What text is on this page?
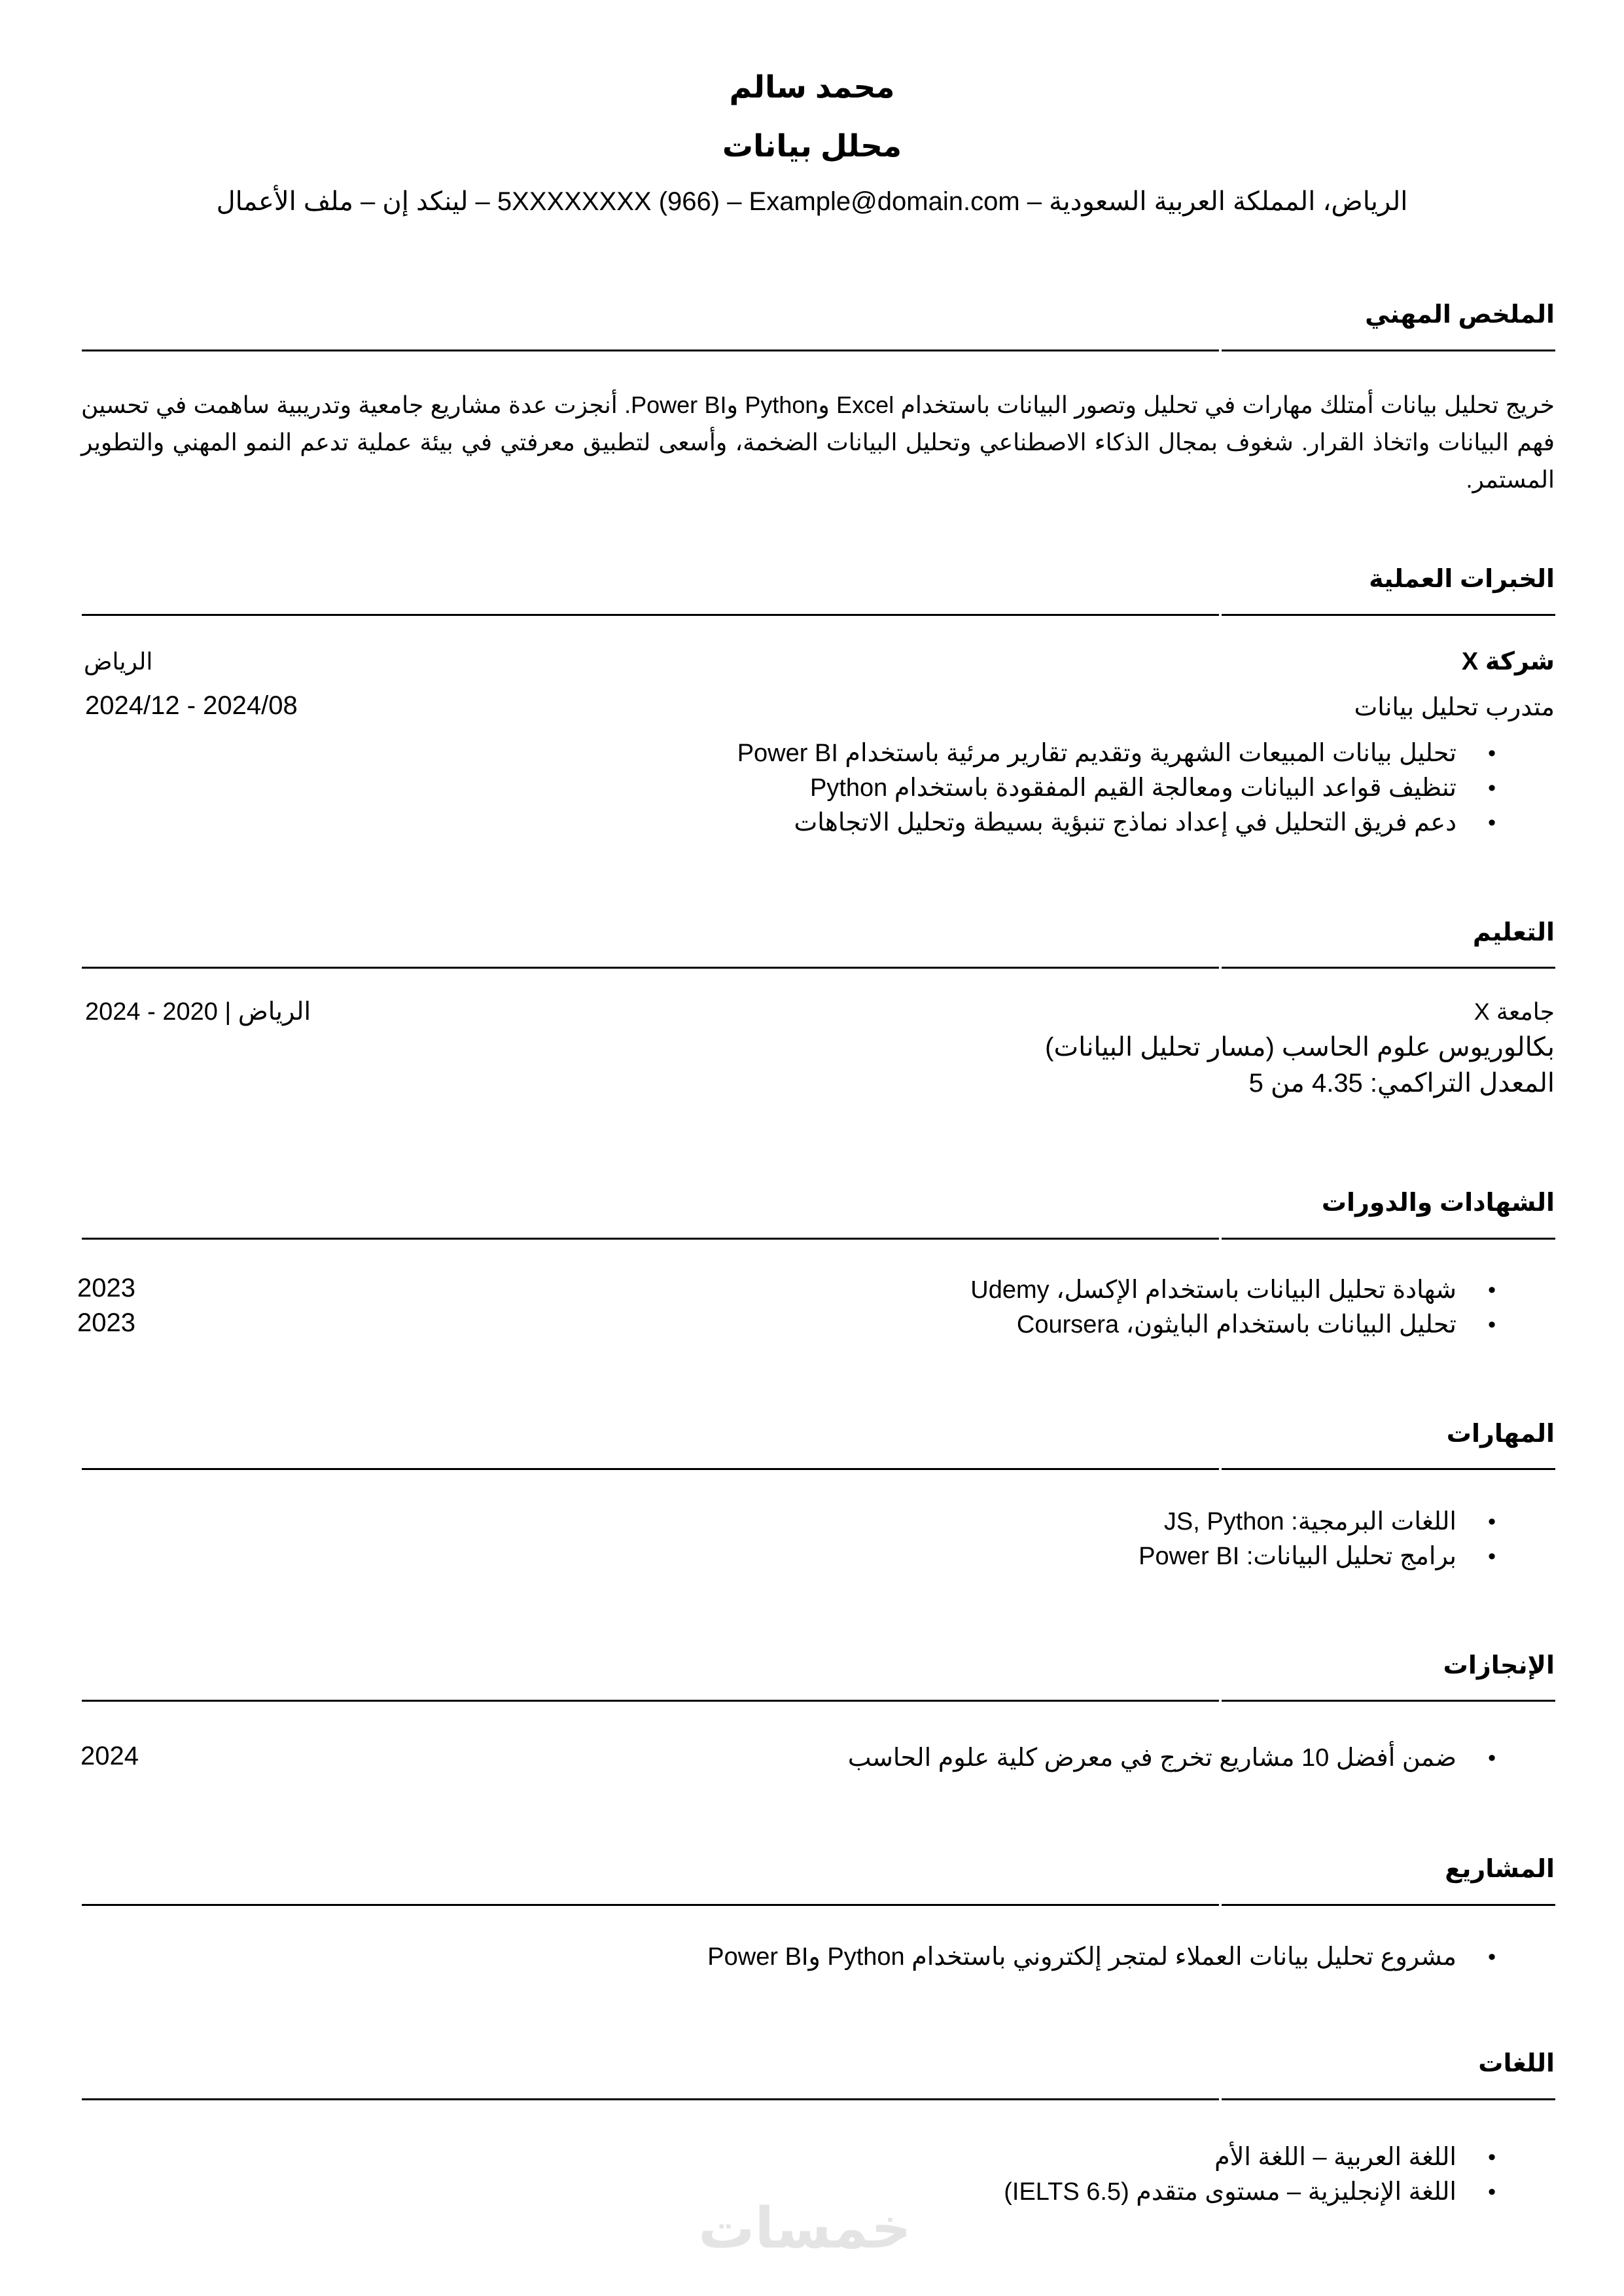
محمد سالم
محلل بيانات
الرياض، المملكة العربية السعودية – 5XXXXXXXX (966) – Example@domain.com – لينكد إن – ملف الأعمال
الملخص المهني
خريج تحليل بيانات أمتلك مهارات في تحليل وتصور البيانات باستخدام Excel وPython وPower BI. أنجزت عدة مشاريع جامعية وتدريبية ساهمت في تحسين فهم البيانات واتخاذ القرار. شغوف بمجال الذكاء الاصطناعي وتحليل البيانات الضخمة، وأسعى لتطبيق معرفتي في بيئة عملية تدعم النمو المهني والتطوير المستمر.
الخبرات العملية
شركة X
الرياض
متدرب تحليل بيانات
2024/12 - 2024/08
•
تحليل بيانات المبيعات الشهرية وتقديم تقارير مرئية باستخدام Power BI
•
تنظيف قواعد البيانات ومعالجة القيم المفقودة باستخدام Python
•
دعم فريق التحليل في إعداد نماذج تنبؤية بسيطة وتحليل الاتجاهات
التعليم
جامعة X
الرياض | 2020 - 2024
بكالوريوس علوم الحاسب (مسار تحليل البيانات)
المعدل التراكمي: 4.35 من 5
الشهادات والدورات
•
شهادة تحليل البيانات باستخدام الإكسل، Udemy
•
تحليل البيانات باستخدام البايثون، Coursera
2023
2023
المهارات
•
اللغات البرمجية: JS, Python
•
برامج تحليل البيانات: Power BI
الإنجازات
•
ضمن أفضل 10 مشاريع تخرج في معرض كلية علوم الحاسب
2024
المشاريع
•
مشروع تحليل بيانات العملاء لمتجر إلكتروني باستخدام Python وPower BI
اللغات
•
اللغة العربية – اللغة الأم
•
اللغة الإنجليزية – مستوى متقدم (IELTS 6.5)
خمسات
